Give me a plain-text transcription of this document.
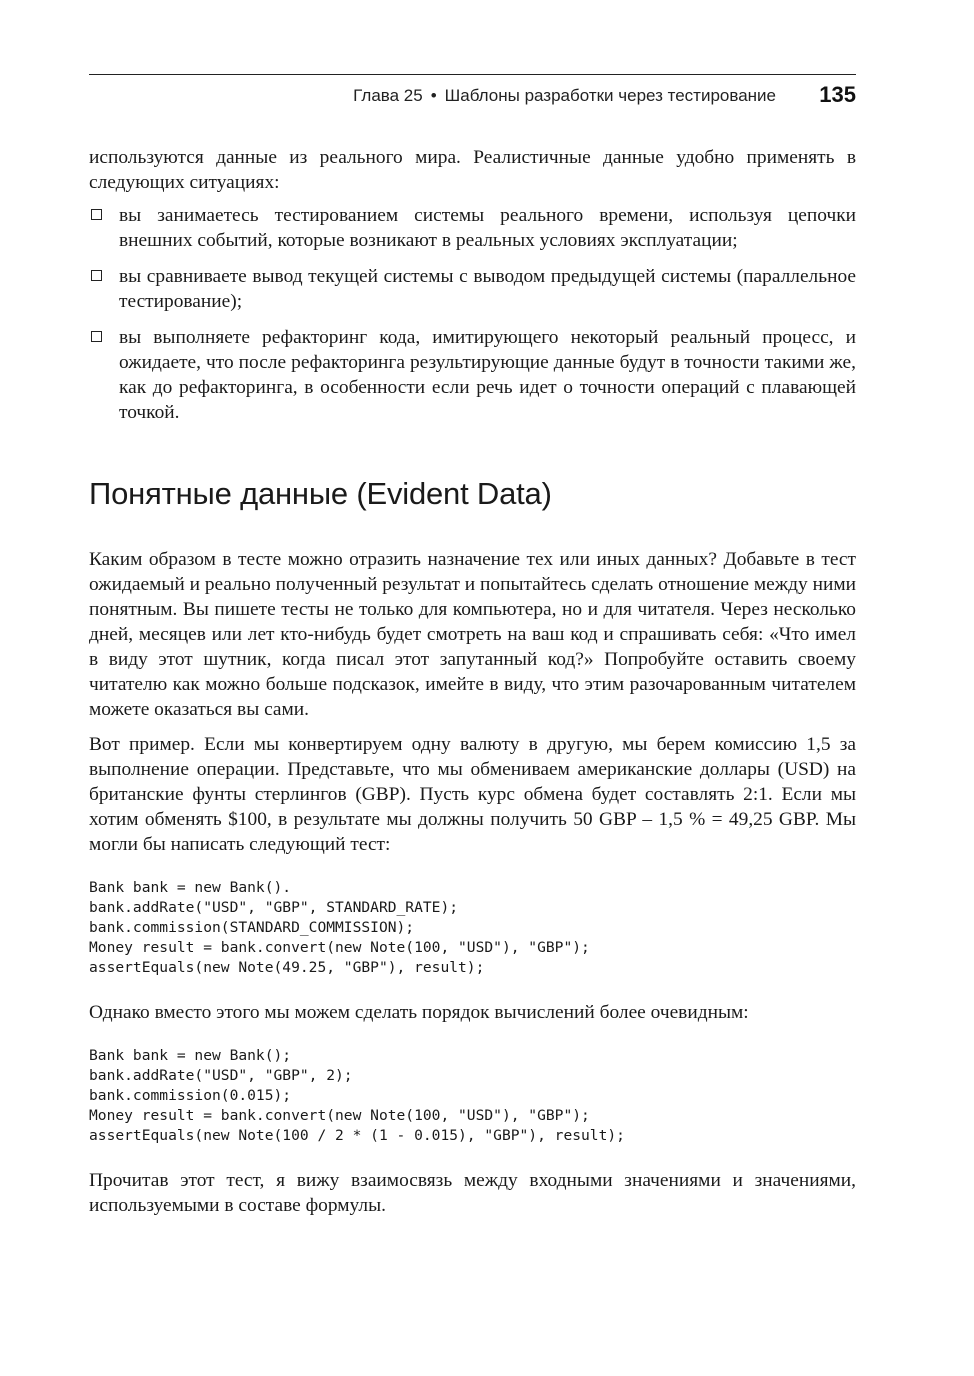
Глава 25 • Шаблоны разработки через тестирование 135

используются данные из реального мира. Реалистичные данные удобно применять в следующих ситуациях:

вы занимаетесь тестированием системы реального времени, используя цепочки внешних событий, которые возникают в реальных условиях эксплуатации;
вы сравниваете вывод текущей системы с выводом предыдущей системы (параллельное тестирование);
вы выполняете рефакторинг кода, имитирующего некоторый реальный процесс, и ожидаете, что после рефакторинга результирующие данные будут в точности такими же, как до рефакторинга, в особенности если речь идет о точности операций с плавающей точкой.
Понятные данные (Evident Data)

Каким образом в тесте можно отразить назначение тех или иных данных? Добавьте в тест ожидаемый и реально полученный результат и попытайтесь сделать отношение между ними понятным. Вы пишете тесты не только для компьютера, но и для читателя. Через несколько дней, месяцев или лет кто-нибудь будет смотреть на ваш код и спрашивать себя: «Что имел в виду этот шутник, когда писал этот запутанный код?» Попробуйте оставить своему читателю как можно больше подсказок, имейте в виду, что этим разочарованным читателем можете оказаться вы сами.

Вот пример. Если мы конвертируем одну валюту в другую, мы берем комиссию 1,5 за выполнение операции. Представьте, что мы обмениваем американские доллары (USD) на британские фунты стерлингов (GBP). Пусть курс обмена будет составлять 2:1. Если мы хотим обменять $100, в результате мы должны получить 50 GBP – 1,5 % = 49,25 GBP. Мы могли бы написать следующий тест:

Bank bank = new Bank().
bank.addRate("USD", "GBP", STANDARD_RATE);
bank.commission(STANDARD_COMMISSION);
Money result = bank.convert(new Note(100, "USD"), "GBP");
assertEquals(new Note(49.25, "GBP"), result);

Однако вместо этого мы можем сделать порядок вычислений более очевидным:

Bank bank = new Bank();
bank.addRate("USD", "GBP", 2);
bank.commission(0.015);
Money result = bank.convert(new Note(100, "USD"), "GBP");
assertEquals(new Note(100 / 2 * (1 - 0.015), "GBP"), result);

Прочитав этот тест, я вижу взаимосвязь между входными значениями и значениями, используемыми в составе формулы.
